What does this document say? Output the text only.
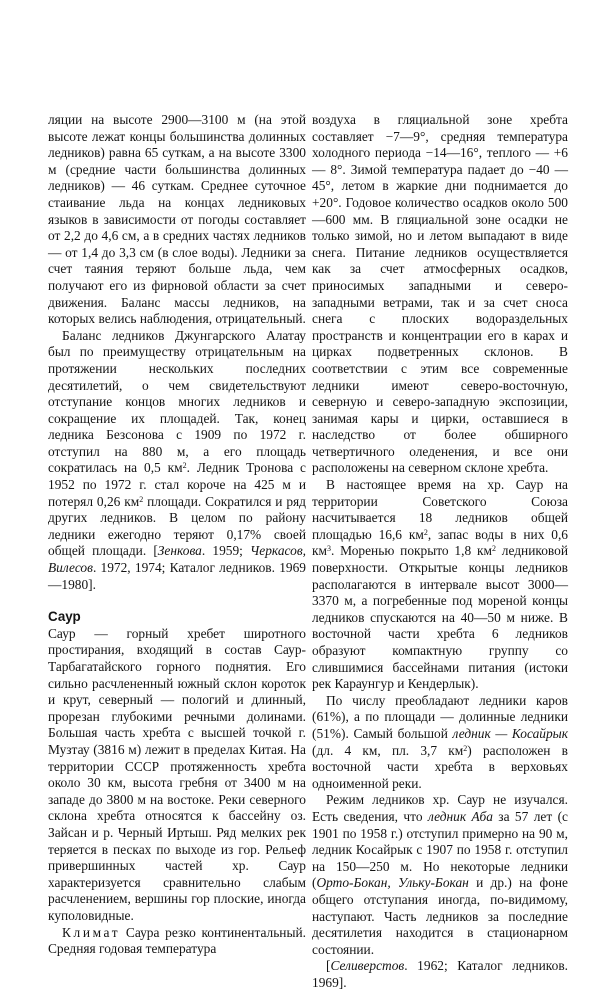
ляции на высоте 2900—3100 м (на этой высоте лежат концы большинства долинных ледников) равна 65 суткам, а на высоте 3300 м (средние части большинства долинных ледников) — 46 суткам. Среднее суточное стаивание льда на концах ледниковых языков в зависимости от погоды составляет от 2,2 до 4,6 см, а в средних частях ледников — от 1,4 до 3,3 см (в слое воды). Ледники за счет таяния теряют больше льда, чем получают его из фирновой области за счет движения. Баланс массы ледников, на которых велись наблюдения, отрицательный.

Баланс ледников Джунгарского Алатау был по преимуществу отрицательным на протяжении нескольких последних десятилетий, о чем свидетельствуют отступание концов многих ледников и сокращение их площадей. Так, конец ледника Безсонова с 1909 по 1972 г. отступил на 880 м, а его площадь сократилась на 0,5 $км^2$. Ледник Тронова с 1952 по 1972 г. стал короче на 425 м и потерял 0,26 $км^2$ площади. Сократился и ряд других ледников. В целом по району ледники ежегодно теряют 0,17% своей общей площади. [Зенкова. 1959; Черкасов, Вилесов. 1972, 1974; Каталог ледников. 1969—1980].

Саур

Саур — горный хребет широтного простирания, входящий в состав Саур-Тарбагатайского горного поднятия. Его сильно расчлененный южный склон короток и крут, северный — пологий и длинный, прорезан глубокими речными долинами. Большая часть хребта с высшей точкой г. Музтау (3816 м) лежит в пределах Китая. На территории СССР протяженность хребта около 30 км, высота гребня от 3400 м на западе до 3800 м на востоке. Реки северного склона хребта относятся к бассейну оз. Зайсан и р. Черный Иртыш. Ряд мелких рек теряется в песках по выходе из гор. Рельеф привершинных частей хр. Саур характеризуется сравнительно слабым расчленением, вершины гор плоские, иногда куполовидные.

Климат Саура резко континентальный. Средняя годовая температура

воздуха в гляциальной зоне хребта составляет −7—9°, средняя температура холодного периода −14—16°, теплого — +6 — 8°. Зимой температура падает до −40 — 45°, летом в жаркие дни поднимается до +20°. Годовое количество осадков около 500—600 мм. В гляциальной зоне осадки не только зимой, но и летом выпадают в виде снега. Питание ледников осуществляется как за счет атмосферных осадков, приносимых западными и северо-западными ветрами, так и за счет сноса снега с плоских водораздельных пространств и концентрации его в карах и цирках подветренных склонов. В соответствии с этим все современные ледники имеют северо-восточную, северную и северо-западную экспозиции, занимая кары и цирки, оставшиеся в наследство от более обширного четвертичного оледенения, и все они расположены на северном склоне хребта.

В настоящее время на хр. Саур на территории Советского Союза насчитывается 18 ледников общей площадью 16,6 $км^2$, запас воды в них 0,6 $км^3$. Моренью покрыто 1,8 $км^2$ ледниковой поверхности. Открытые концы ледников располагаются в интервале высот 3000—3370 м, а погребенные под мореной концы ледников спускаются на 40—50 м ниже. В восточной части хребта 6 ледников образуют компактную группу со слившимися бассейнами питания (истоки рек Караунгур и Кендерлык).

По числу преобладают ледники каров (61%), а по площади — долинные ледники (51%). Самый большой ледник — Косайрык (дл. 4 км, пл. 3,7 $км^2$) расположен в восточной части хребта в верховьях одноименной реки.

Режим ледников хр. Саур не изучался. Есть сведения, что ледник Аба за 57 лет (с 1901 по 1958 г.) отступил примерно на 90 м, ледник Косайрык с 1907 по 1958 г. отступил на 150—250 м. Но некоторые ледники (Орто-Бокан, Ульку-Бокан и др.) на фоне общего отступания иногда, по-видимому, наступают. Часть ледников за последние десятилетия находится в стационарном состоянии.

[Селиверстов. 1962; Каталог ледников. 1969].
